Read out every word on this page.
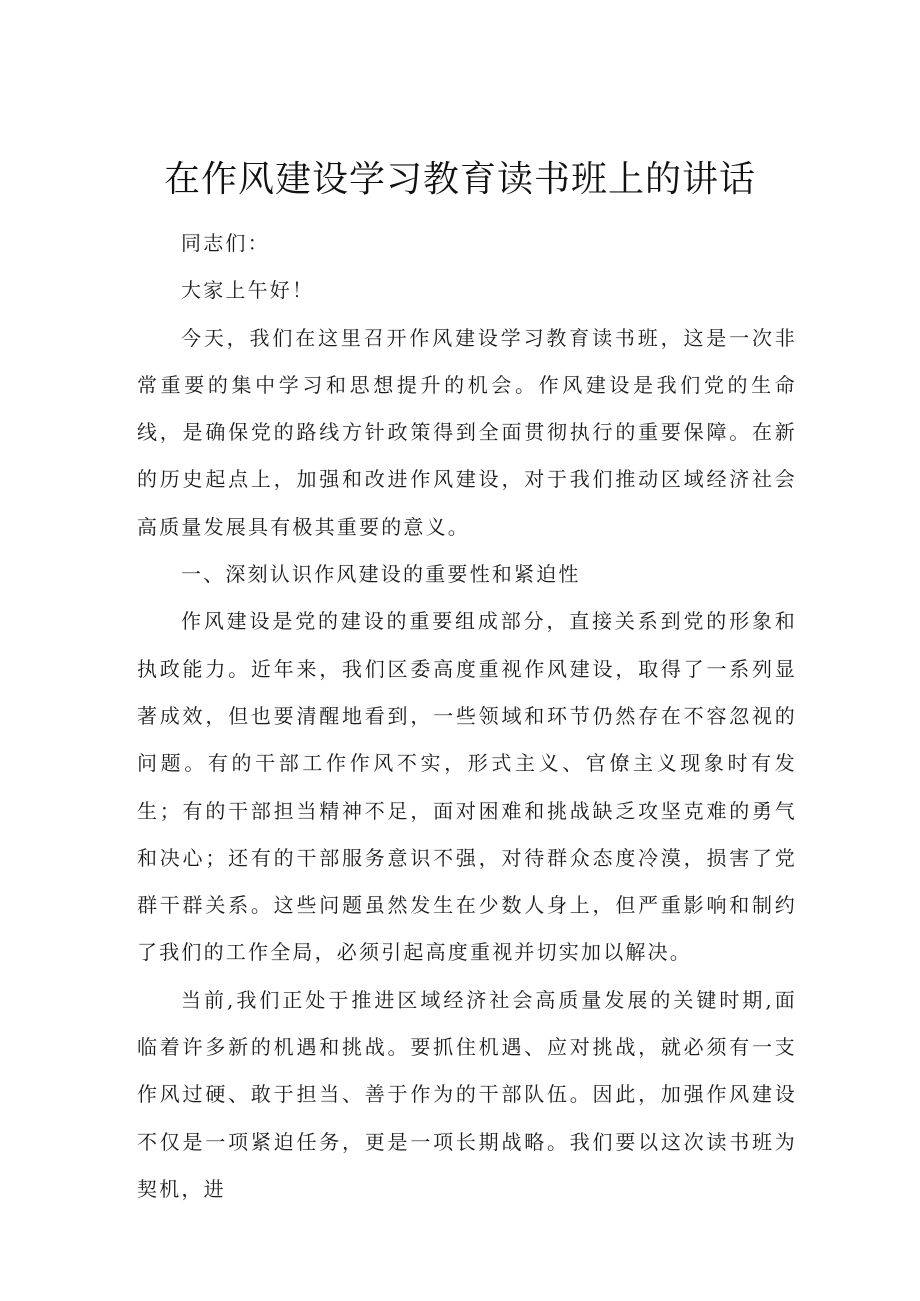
在作风建设学习教育读书班上的讲话

同志们：

大家上午好！

今天，我们在这里召开作风建设学习教育读书班，这是一次非常重要的集中学习和思想提升的机会。作风建设是我们党的生命线，是确保党的路线方针政策得到全面贯彻执行的重要保障。在新的历史起点上，加强和改进作风建设，对于我们推动区域经济社会高质量发展具有极其重要的意义。

一、深刻认识作风建设的重要性和紧迫性

作风建设是党的建设的重要组成部分，直接关系到党的形象和执政能力。近年来，我们区委高度重视作风建设，取得了一系列显著成效，但也要清醒地看到，一些领域和环节仍然存在不容忽视的问题。有的干部工作作风不实，形式主义、官僚主义现象时有发生；有的干部担当精神不足，面对困难和挑战缺乏攻坚克难的勇气和决心；还有的干部服务意识不强，对待群众态度冷漠，损害了党群干群关系。这些问题虽然发生在少数人身上，但严重影响和制约了我们的工作全局，必须引起高度重视并切实加以解决。

当前,我们正处于推进区域经济社会高质量发展的关键时期,面临着许多新的机遇和挑战。要抓住机遇、应对挑战，就必须有一支作风过硬、敢于担当、善于作为的干部队伍。因此，加强作风建设不仅是一项紧迫任务，更是一项长期战略。我们要以这次读书班为契机，进
